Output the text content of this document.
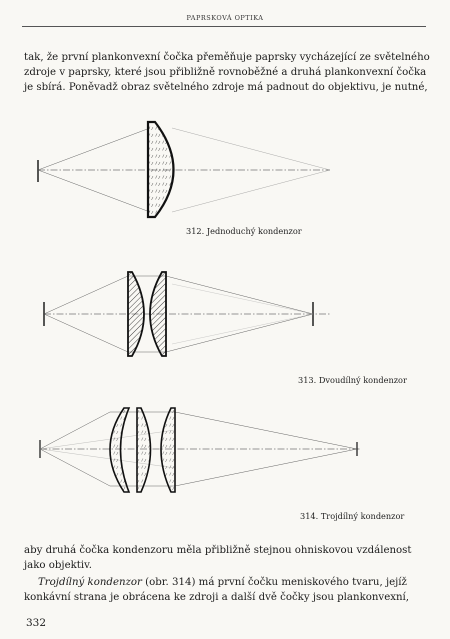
PAPRSKOVÁ OPTIKA

tak, že první plankonvexní čočka přeměňuje paprsky vycházející ze světelného
zdroje v paprsky, které jsou přibližně rovnoběžné a druhá plankonvexní čočka
je sbírá. Poněvadž obraz světelného zdroje má padnout do objektivu, je nutné,

312. Jednoduchý kondenzor
313. Dvoudílný kondenzor
314. Trojdílný kondenzor

aby druhá čočka kondenzoru měla přibližně stejnou ohniskovou vzdálenost
jako objektiv.

Trojdílný kondenzor (obr. 314) má první čočku meniskového tvaru, jejíž
konkávní strana je obrácena ke zdroji a další dvě čočky jsou plankonvexní,

332
